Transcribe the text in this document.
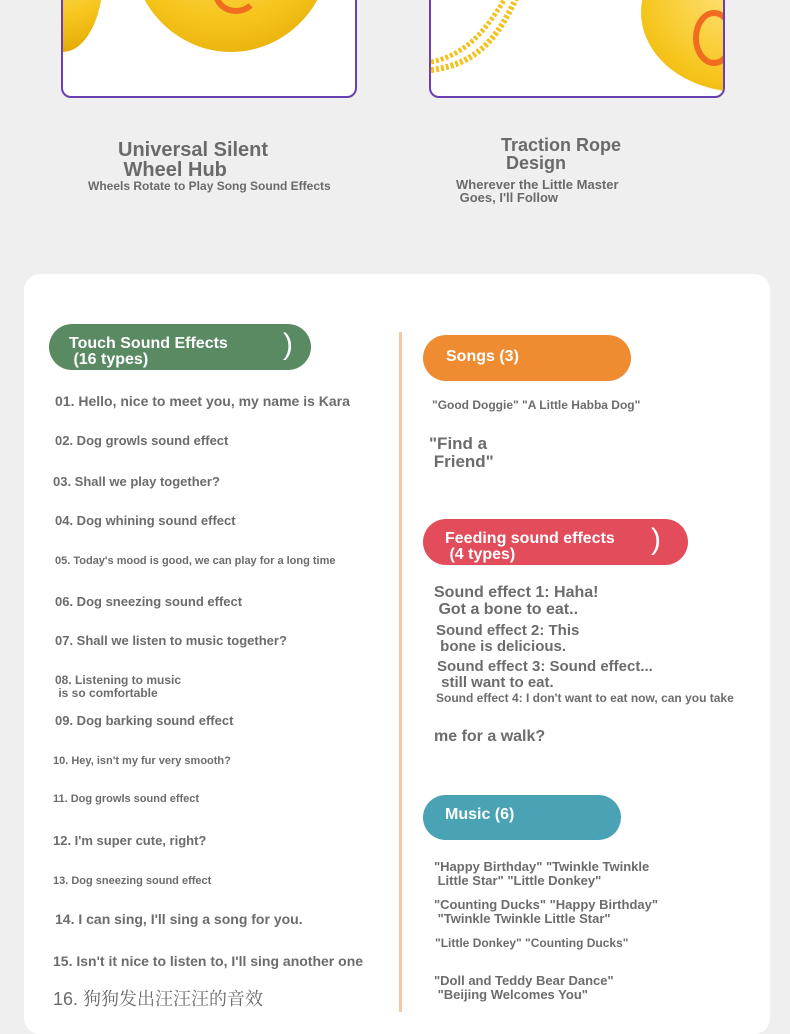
Universal Silent
Wheel Hub
Wheels Rotate to Play Song Sound Effects
Traction Rope
Design
Wherever the Little Master
Goes, I'll Follow
Touch Sound Effects
(16 types)	)
01. Hello, nice to meet you, my name is Kara
02. Dog growls sound effect
03. Shall we play together?
04. Dog whining sound effect
05. Today's mood is good, we can play for a long time
06. Dog sneezing sound effect
07. Shall we listen to music together?
08. Listening to music
is so comfortable
09. Dog barking sound effect
10. Hey, isn't my fur very smooth?
11. Dog growls sound effect
12. I'm super cute, right?
13. Dog sneezing sound effect
14. I can sing, I'll sing a song for you.
15. Isn't it nice to listen to, I'll sing another one
16. 狗狗发出汪汪汪的音效
Songs (3)
"Good Doggie" "A Little Habba Dog"
"Find a
Friend"
Feeding sound effects
(4 types)	)
Sound effect 1: Haha!
Got a bone to eat..
Sound effect 2: This
bone is delicious.
Sound effect 3: Sound effect...
still want to eat.
Sound effect 4: I don't want to eat now, can you take
me for a walk?
Music (6)
"Happy Birthday" "Twinkle Twinkle
Little Star" "Little Donkey"
"Counting Ducks" "Happy Birthday"
"Twinkle Twinkle Little Star"
"Little Donkey" "Counting Ducks"
"Doll and Teddy Bear Dance"
"Beijing Welcomes You"
